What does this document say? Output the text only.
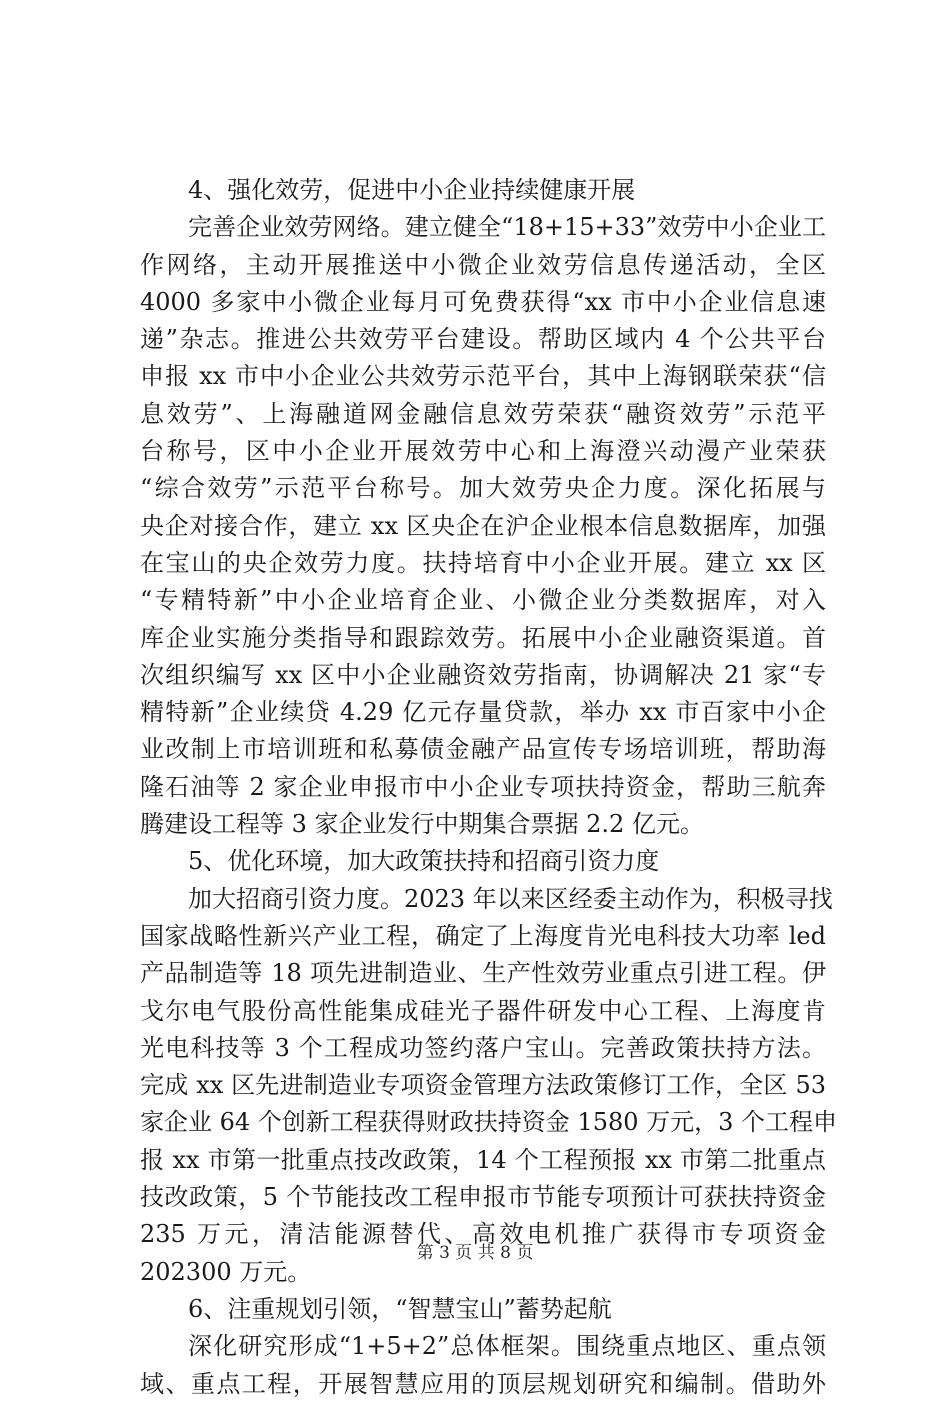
4、强化效劳，促进中小企业持续健康开展
完善企业效劳网络。建立健全“18+15+33”效劳中小企业工
作网络，主动开展推送中小微企业效劳信息传递活动，全区
4000 多家中小微企业每月可免费获得“xx 市中小企业信息速
递”杂志。推进公共效劳平台建设。帮助区域内 4 个公共平台
申报 xx 市中小企业公共效劳示范平台，其中上海钢联荣获“信
息效劳”、上海融道网金融信息效劳荣获“融资效劳”示范平
台称号，区中小企业开展效劳中心和上海澄兴动漫产业荣获
“综合效劳”示范平台称号。加大效劳央企力度。深化拓展与
央企对接合作，建立 xx 区央企在沪企业根本信息数据库，加强
在宝山的央企效劳力度。扶持培育中小企业开展。建立 xx 区
“专精特新”中小企业培育企业、小微企业分类数据库，对入
库企业实施分类指导和跟踪效劳。拓展中小企业融资渠道。首
次组织编写 xx 区中小企业融资效劳指南，协调解决 21 家“专
精特新”企业续贷 4.29 亿元存量贷款，举办 xx 市百家中小企
业改制上市培训班和私募债金融产品宣传专场培训班，帮助海
隆石油等 2 家企业申报市中小企业专项扶持资金，帮助三航奔
腾建设工程等 3 家企业发行中期集合票据 2.2 亿元。
5、优化环境，加大政策扶持和招商引资力度
加大招商引资力度。2023 年以来区经委主动作为，积极寻找
国家战略性新兴产业工程，确定了上海度肯光电科技大功率 led
产品制造等 18 项先进制造业、生产性效劳业重点引进工程。伊
戈尔电气股份高性能集成硅光子器件研发中心工程、上海度肯
光电科技等 3 个工程成功签约落户宝山。完善政策扶持方法。
完成 xx 区先进制造业专项资金管理方法政策修订工作，全区 53
家企业 64 个创新工程获得财政扶持资金 1580 万元，3 个工程申
报 xx 市第一批重点技改政策，14 个工程预报 xx 市第二批重点
技改政策，5 个节能技改工程申报市节能专项预计可获扶持资金
235 万元，清洁能源替代、高效电机推广获得市专项资金
202300 万元。
6、注重规划引领，“智慧宝山”蓄势起航
深化研究形成“1+5+2”总体框架。围绕重点地区、重点领
域、重点工程，开展智慧应用的顶层规划研究和编制。借助外
第 3 页 共 8 页
